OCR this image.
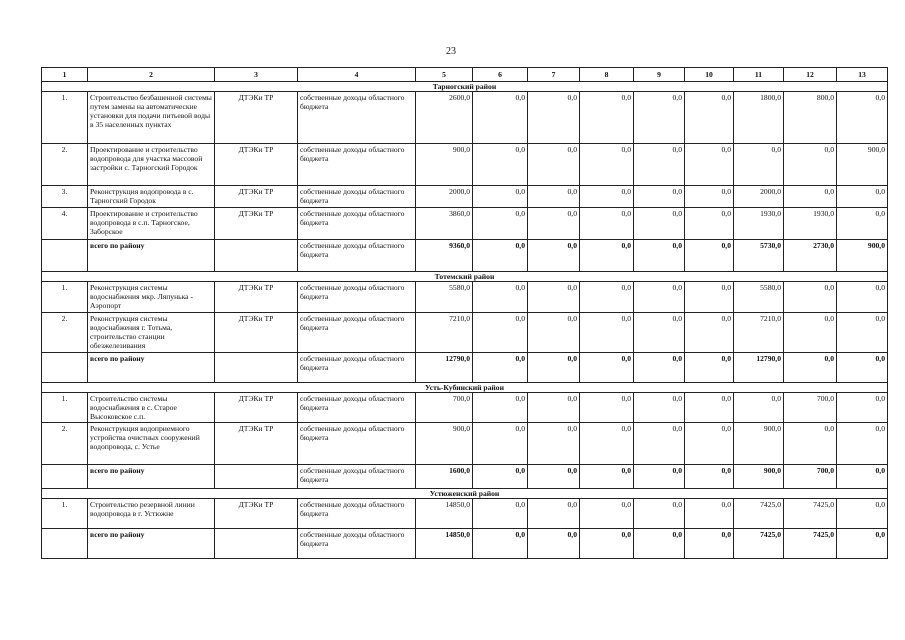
23
1	2	3	4	5	6	7	8	9	10	11	12	13
Тарногский район												
1.	Строительство безбашенной системы путем замены на автоматические установки для подачи питьевой воды в 35 населенных пунктах	ДТЭКи ТР	собственные доходы областного бюджета	2600,0	0,0	0,0	0,0	0,0	0,0	1800,0	800,0	0,0
2.	Проектирование и строительство водопровода для участка массовой застройки с. Тарногский Городок	ДТЭКи ТР	собственные доходы областного бюджета	900,0	0,0	0,0	0,0	0,0	0,0	0,0	0,0	900,0
3.	Реконструкция водопровода в с. Тарногский Городок	ДТЭКи ТР	собственные доходы областного бюджета	2000,0	0,0	0,0	0,0	0,0	0,0	2000,0	0,0	0,0
4.	Проектирование и строительство водопровода в с.п. Тарногское, Заборское	ДТЭКи ТР	собственные доходы областного бюджета	3860,0	0,0	0,0	0,0	0,0	0,0	1930,0	1930,0	0,0
	всего по району		собственные доходы областного бюджета	9360,0	0,0	0,0	0,0	0,0	0,0	5730,0	2730,0	900,0
Тотемский район												
1.	Реконструкция системы водоснабжения мкр. Ляпунька - Аэропорт	ДТЭКи ТР	собственные доходы областного бюджета	5580,0	0,0	0,0	0,0	0,0	0,0	5580,0	0,0	0,0
2.	Реконструкция системы водоснабжения г. Тотьма, строительство станции обезжелезивания	ДТЭКи ТР	собственные доходы областного бюджета	7210,0	0,0	0,0	0,0	0,0	0,0	7210,0	0,0	0,0
	всего по району		собственные доходы областного бюджета	12790,0	0,0	0,0	0,0	0,0	0,0	12790,0	0,0	0,0
Усть-Кубинский район												
1.	Строительство системы водоснабжения в с. Старое Высоковское с.п.	ДТЭКи ТР	собственные доходы областного бюджета	700,0	0,0	0,0	0,0	0,0	0,0	0,0	700,0	0,0
2.	Реконструкция водоприемного устройства очистных сооружений водопровода, с. Устье	ДТЭКи ТР	собственные доходы областного бюджета	900,0	0,0	0,0	0,0	0,0	0,0	900,0	0,0	0,0
	всего по району		собственные доходы областного бюджета	1600,0	0,0	0,0	0,0	0,0	0,0	900,0	700,0	0,0
Устюженский район												
1.	Строительство резервной линии водопровода в г. Устюжне	ДТЭКи ТР	собственные доходы областного бюджета	14850,0	0,0	0,0	0,0	0,0	0,0	7425,0	7425,0	0,0
	всего по району		собственные доходы областного бюджета	14850,0	0,0	0,0	0,0	0,0	0,0	7425,0	7425,0	0,0
